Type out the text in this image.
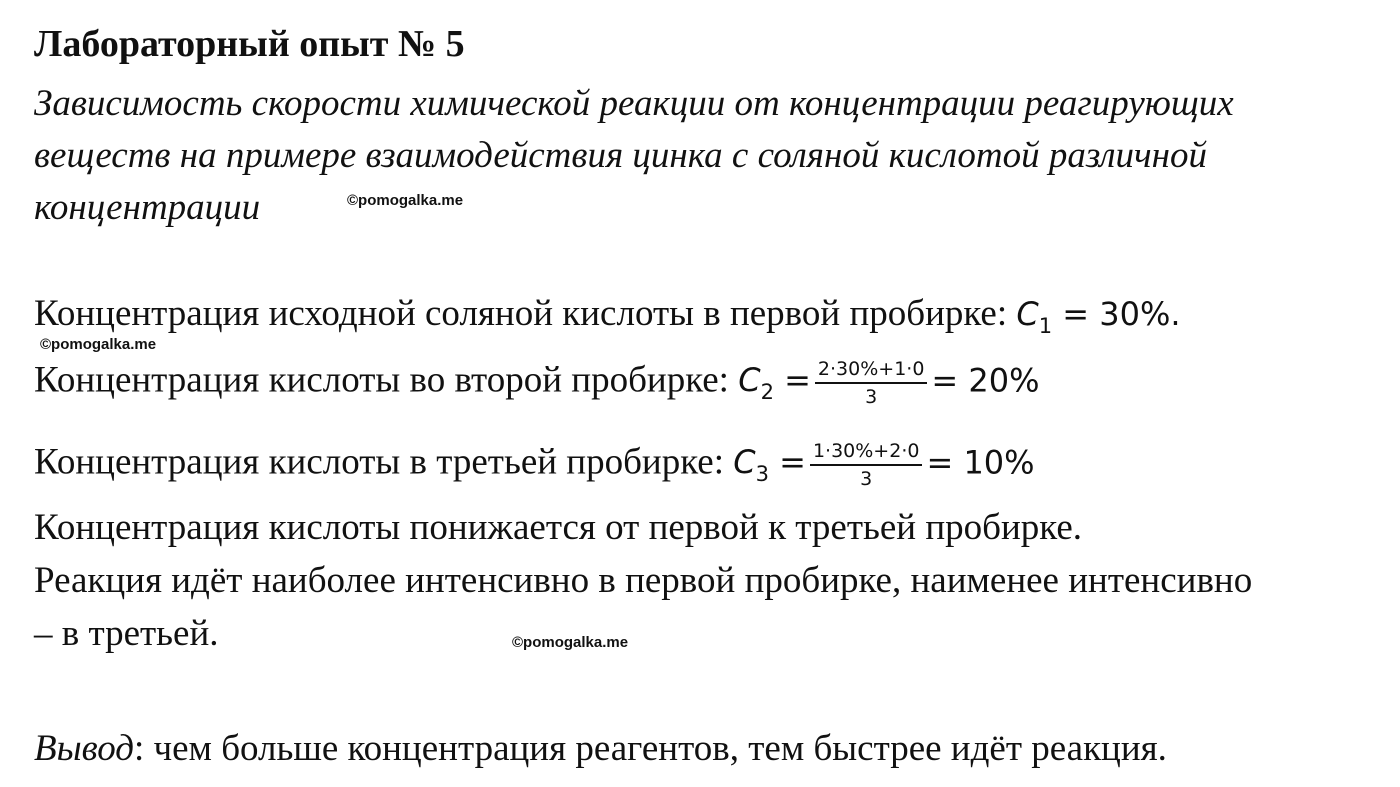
Лабораторный опыт № 5
Зависимость скорости химической реакции от концентрации реагирующих
веществ на примере взаимодействия цинка с соляной кислотой различной
концентрации	©pomogalka.me
©pomogalka.me
©pomogalka.me
Концентрация исходной соляной кислоты в первой пробирке: $C_1 = 30\%$.
Концентрация кислоты во второй пробирке: $C_2 = \frac{2\cdot 30\%+1\cdot 0}{3} = 20\%$
Концентрация кислоты в третьей пробирке: $C_3 = \frac{1\cdot 30\%+2\cdot 0}{3} = 10\%$
Концентрация кислоты понижается от первой к третьей пробирке.
Реакция идёт наиболее интенсивно в первой пробирке, наименее интенсивно
– в третьей.
Вывод: чем больше концентрация реагентов, тем быстрее идёт реакция.
